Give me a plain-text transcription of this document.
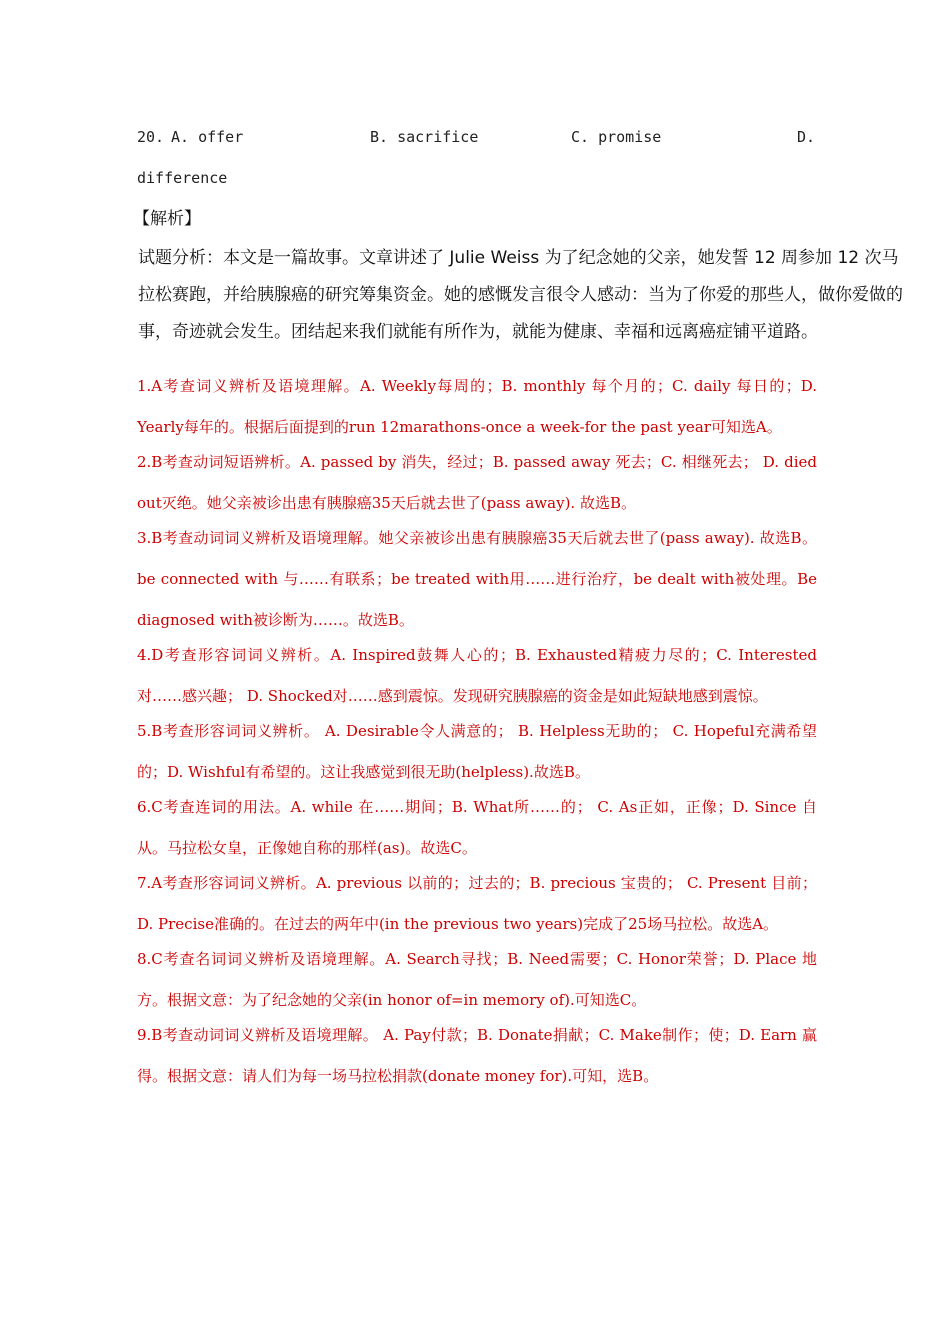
20. A. offer	B. sacrifice	C. promise	D.
difference
【解析】
试题分析：本文是一篇故事。文章讲述了 Julie Weiss 为了纪念她的父亲，她发誓 12 周参加 12 次马拉松赛跑，并给胰腺癌的研究筹集资金。她的感慨发言很令人感动：当为了你爱的那些人，做你爱做的事，奇迹就会发生。团结起来我们就能有所作为，就能为健康、幸福和远离癌症铺平道路。

1.A考查词义辨析及语境理解。A. Weekly每周的；B. monthly 每个月的；C. daily 每日的；D. Yearly每年的。根据后面提到的run 12marathons-once a week-for the past year可知选A。

2.B考查动词短语辨析。A. passed by 消失，经过；B. passed away 死去；C. 相继死去； D. died out灭绝。她父亲被诊出患有胰腺癌35天后就去世了(pass away). 故选B。

3.B考查动词词义辨析及语境理解。她父亲被诊出患有胰腺癌35天后就去世了(pass away). 故选B。 be connected with 与……有联系；be treated with用……进行治疗，be dealt with被处理。Be diagnosed with被诊断为……。故选B。

4.D考查形容词词义辨析。A. Inspired鼓舞人心的；B. Exhausted精疲力尽的；C. Interested对……感兴趣； D. Shocked对……感到震惊。发现研究胰腺癌的资金是如此短缺地感到震惊。

5.B考查形容词词义辨析。 A. Desirable令人满意的； B. Helpless无助的； C. Hopeful充满希望的；D. Wishful有希望的。这让我感觉到很无助(helpless).故选B。

6.C考查连词的用法。A. while 在……期间；B. What所……的； C. As正如，正像；D. Since 自从。马拉松女皇，正像她自称的那样(as)。故选C。

7.A考查形容词词义辨析。A. previous 以前的；过去的；B. precious 宝贵的； C. Present 目前；D. Precise准确的。在过去的两年中(in the previous two years)完成了25场马拉松。故选A。

8.C考查名词词义辨析及语境理解。A. Search寻找；B. Need需要；C. Honor荣誉；D. Place 地方。根据文意：为了纪念她的父亲(in honor of=in memory of).可知选C。

9.B考查动词词义辨析及语境理解。 A. Pay付款；B. Donate捐献；C. Make制作；使；D. Earn 赢得。根据文意：请人们为每一场马拉松捐款(donate money for).可知，选B。
